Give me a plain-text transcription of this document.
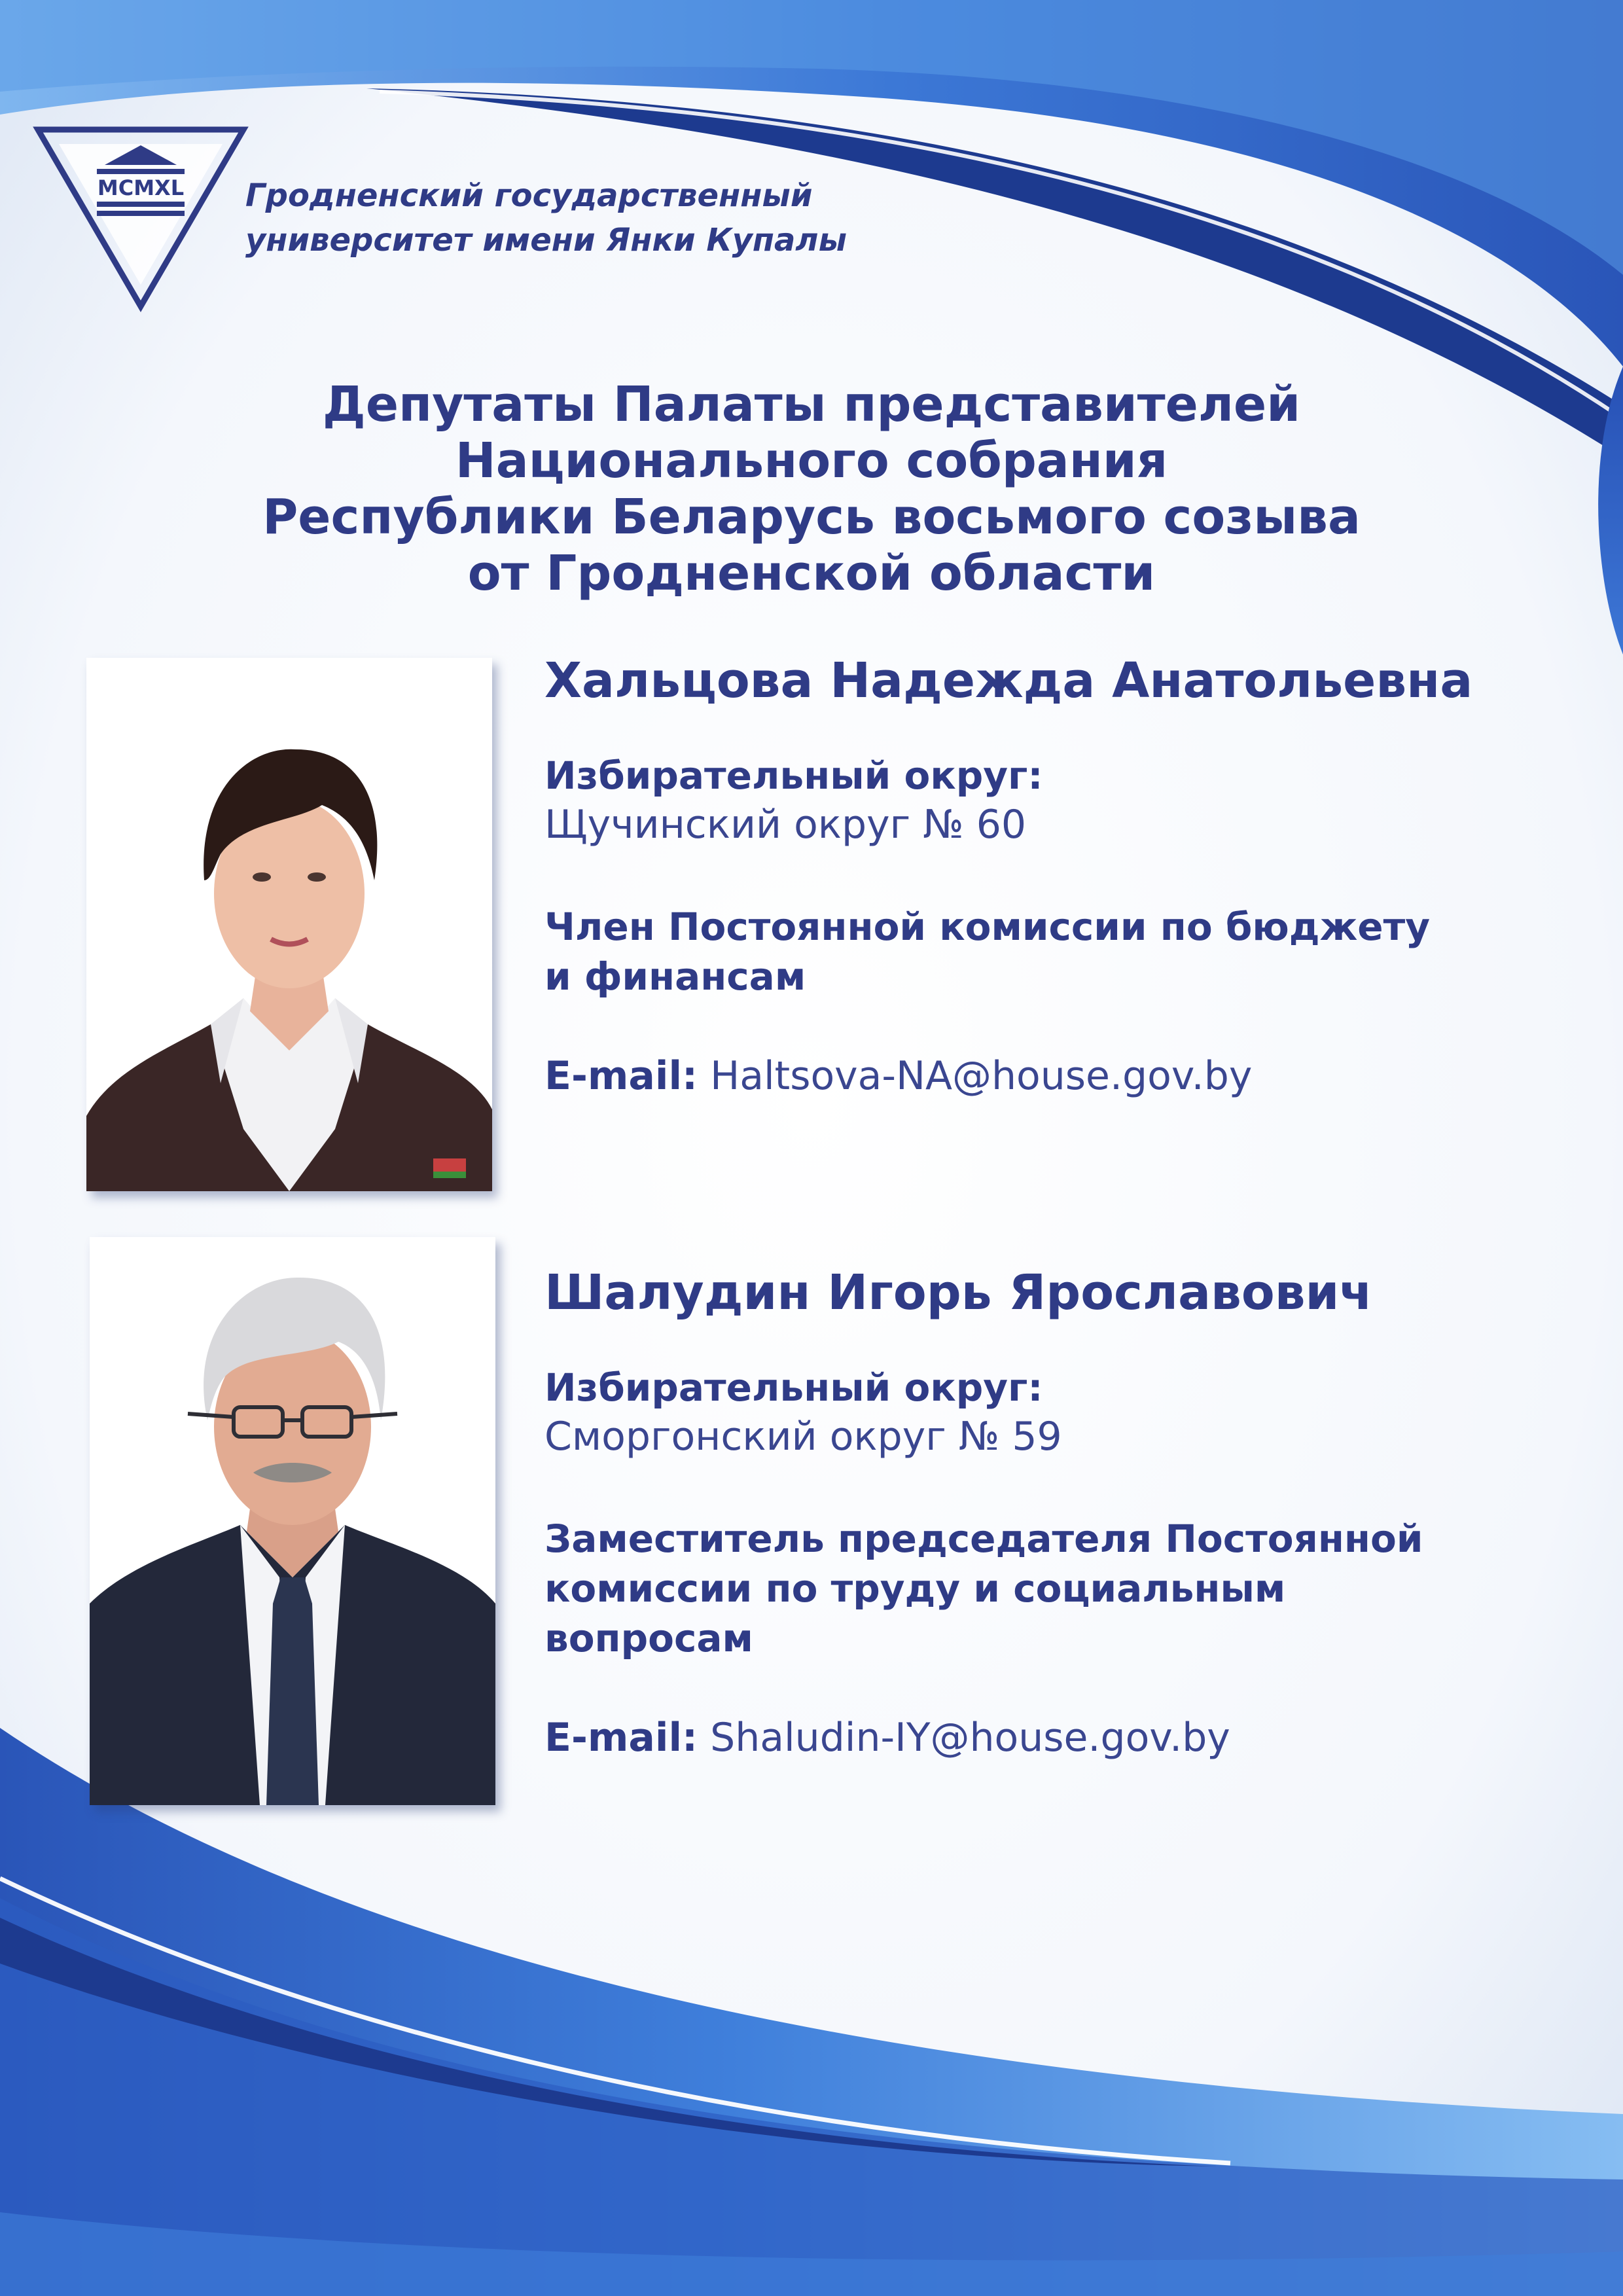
MCMXL Гродненский государственный
университет имени Янки Купалы
Депутаты Палаты представителей
Национального собрания
Республики Беларусь восьмого созыва
от Гродненской области
Хальцова Надежда Анатольевна
Избирательный округ:
Щучинский округ № 60
Член Постоянной комиссии по бюджету
и финансам
E-mail: Haltsova-NA@house.gov.by
Шалудин Игорь Ярославович
Избирательный округ:
Сморгонский округ № 59
Заместитель председателя Постоянной
комиссии по труду и социальным
вопросам
E-mail: Shaludin-IY@house.gov.by
